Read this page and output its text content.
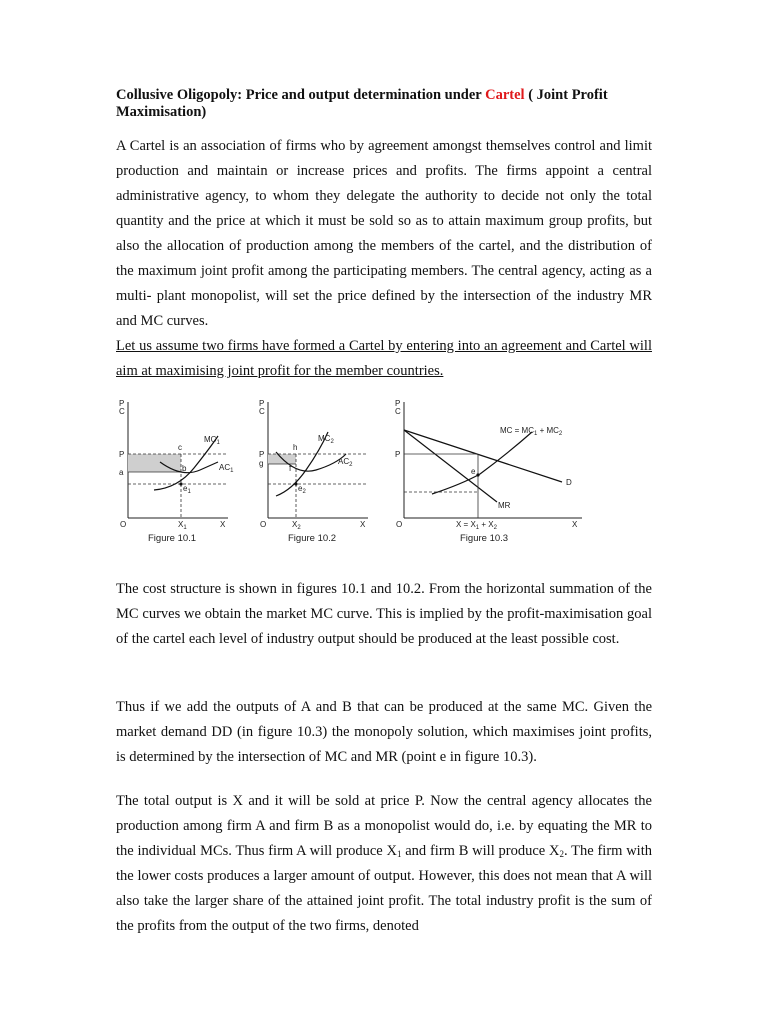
Collusive Oligopoly: Price and output determination under Cartel ( Joint Profit Maximisation)

A Cartel is an association of firms who by agreement amongst themselves control and limit production and maintain or increase prices and profits. The firms appoint a central administrative agency, to whom they delegate the authority to decide not only the total quantity and the price at which it must be sold so as to attain maximum group profits, but also the allocation of production among the members of the cartel, and the distribution of the maximum joint profit among the participating members. The central agency, acting as a multi- plant monopolist, will set the price defined by the intersection of the industry MR and MC curves.

Let us assume two firms have formed a Cartel by entering into an agreement and Cartel will aim at maximising joint profit for the member countries.

P
C
P
a
c
b
$e_1$
$MC_1$
$AC_1$
O	$X_1$	X
Figure 10.1
P
C
P
g
h
f
$e_2$
$MC_2$
$AC_2$
O	$X_2$	X
Figure 10.2
P
C
P
MC = $MC_1 + MC_2$
e
D
MR
O	$X = X_1 + X_2$	X
Figure 10.3

The cost structure is shown in figures 10.1 and 10.2. From the horizontal summation of the MC curves we obtain the market MC curve. This is implied by the profit-maximisation goal of the cartel each level of industry output should be produced at the least possible cost.

Thus if we add the outputs of A and B that can be produced at the same MC. Given the market demand DD (in figure 10.3) the monopoly solution, which maximises joint profits, is determined by the intersection of MC and MR (point e in figure 10.3).

The total output is X and it will be sold at price P. Now the central agency allocates the production among firm A and firm B as a monopolist would do, i.e. by equating the MR to the individual MCs. Thus firm A will produce $X_1$ and firm B will produce $X_2$. The firm with the lower costs produces a larger amount of output. However, this does not mean that A will also take the larger share of the attained joint profit. The total industry profit is the sum of the profits from the output of the two firms, denoted
